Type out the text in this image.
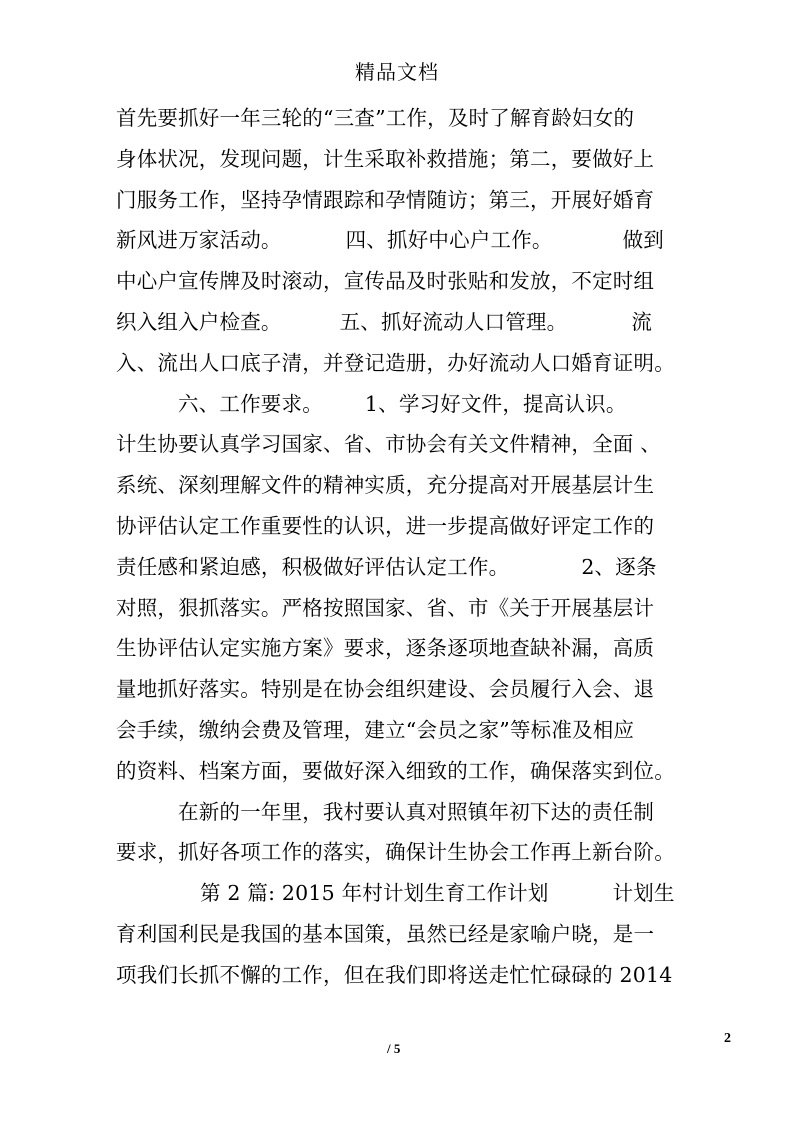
精品文档
首先要抓好一年三轮的“三查”工作，及时了解育龄妇女的
身体状况，发现问题，计生采取补救措施；第二，要做好上
门服务工作，坚持孕情跟踪和孕情随访；第三，开展好婚育
新风进万家活动。	四、抓好中心户工作。	做到
中心户宣传牌及时滚动，宣传品及时张贴和发放，不定时组
织入组入户检查。	五、抓好流动人口管理。	流
入、流出人口底子清，并登记造册，办好流动人口婚育证明。
六、工作要求。 1、学习好文件，提高认识。
计生协要认真学习国家、省、市协会有关文件精神，全面 、
系统、深刻理解文件的精神实质，充分提高对开展基层计生
协评估认定工作重要性的认识，进一步提高做好评定工作的
责任感和紧迫感，积极做好评估认定工作。	2、逐条
对照，狠抓落实。严格按照国家、省、市《关于开展基层计
生协评估认定实施方案》要求，逐条逐项地查缺补漏，高质
量地抓好落实。特别是在协会组织建设、会员履行入会、退
会手续，缴纳会费及管理，建立“会员之家”等标准及相应
的资料、档案方面，要做好深入细致的工作，确保落实到位。
在新的一年里，我村要认真对照镇年初下达的责任制
要求，抓好各项工作的落实，确保计生协会工作再上新台阶。
第 2 篇: 2015 年村计划生育工作计划	计划生
育利国利民是我国的基本国策，虽然已经是家喻户晓，是一
项我们长抓不懈的工作，但在我们即将送走忙忙碌碌的 2014
2
/ 5
